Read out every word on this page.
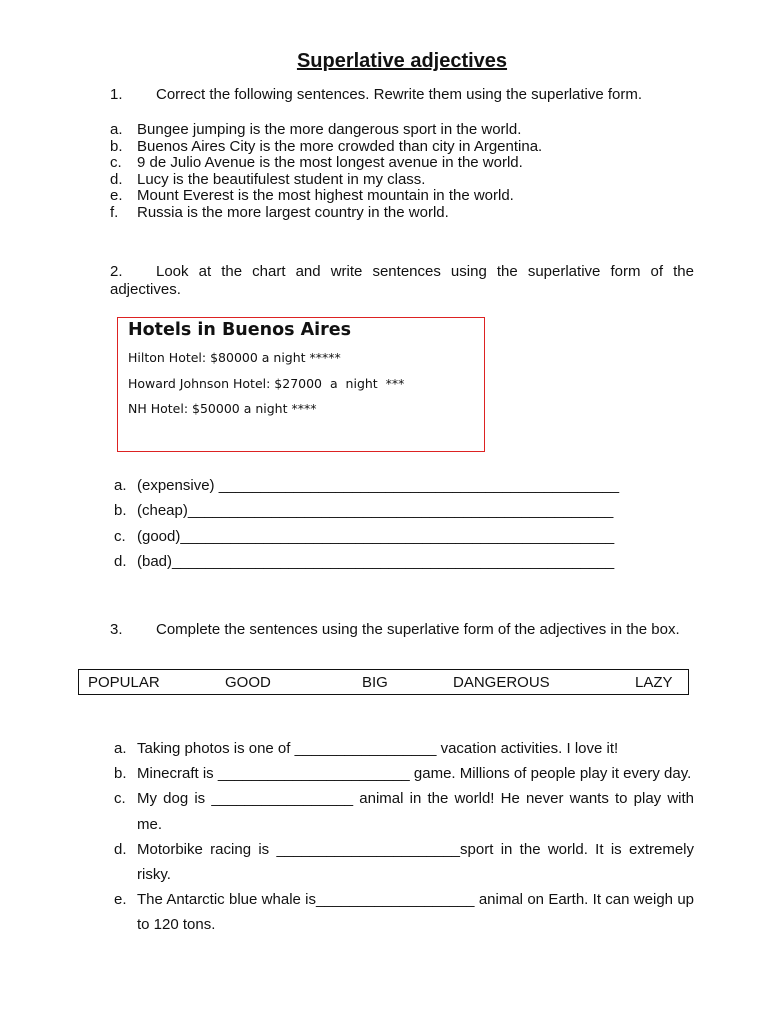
Superlative adjectives
1. Correct the following sentences. Rewrite them using the superlative form.
a. Bungee jumping is the more dangerous sport in the world.
b. Buenos Aires City is the more crowded than city in Argentina.
c.	9 de Julio Avenue is the most longest avenue in the world.
d. Lucy is the beautifulest student in my class.
e. Mount Everest is the most highest mountain in the world.
f.	Russia is the more largest country in the world.
2. Look at the chart and write sentences using the superlative form of the adjectives.
Hotels in Buenos Aires
Hilton Hotel: $80000 a night *****
Howard Johnson Hotel: $27000  a  night  ***
NH Hotel: $50000 a night ****
a. (expensive) ________________________________________________
b. (cheap)___________________________________________________
c. (good)____________________________________________________
d. (bad)_____________________________________________________
3. Complete the sentences using the superlative form of the adjectives in the box.
POPULAR	GOOD	BIG	DANGEROUS	LAZY
a. Taking photos is one of _________________ vacation activities. I love it!
b. Minecraft is _______________________ game. Millions of people play it every day.
c. My dog is _________________ animal in the world! He never wants to play with me.
d. Motorbike racing is ______________________sport in the world. It is extremely risky.
e. The Antarctic blue whale is___________________ animal on Earth. It can weigh up to 120 tons.
